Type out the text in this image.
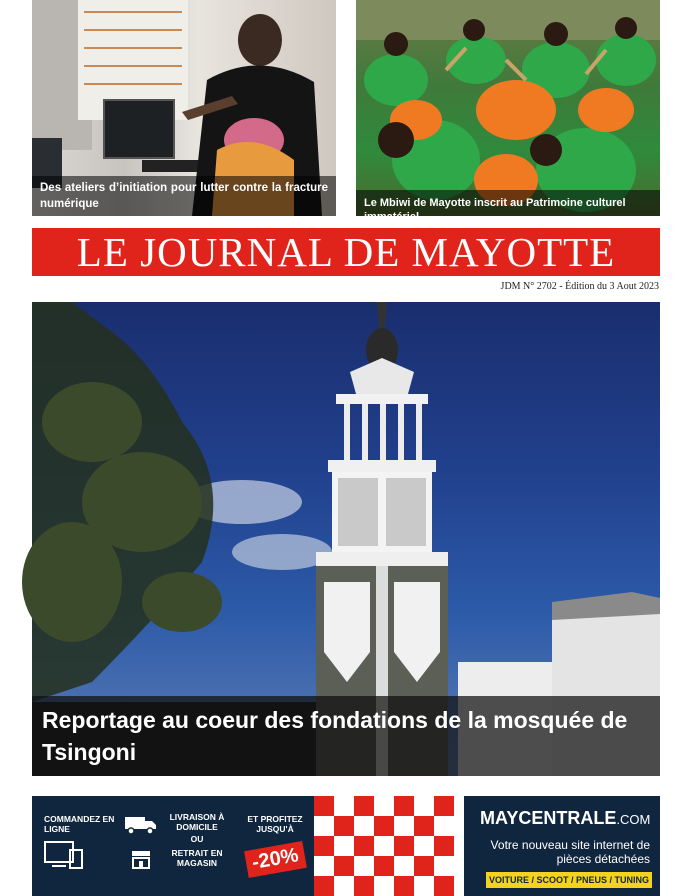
Des ateliers d’initiation pour lutter contre la fracture numérique	Le Mbiwi de Mayotte inscrit au Patrimoine culturel immatériel
LE JOURNAL DE MAYOTTE
JDM N° 2702 - Édition du 3 Aout 2023
Reportage au coeur des fondations de la mosquée de Tsingoni
COMMANDEZ EN LIGNE
LIVRAISON À DOMICILE
OU
RETRAIT EN MAGASIN
ET PROFITEZ JUSQU'À
-20%
MAYCENTRALE.COM
Votre nouveau site internet de pièces détachées
VOITURE / SCOOT / PNEUS / TUNING
